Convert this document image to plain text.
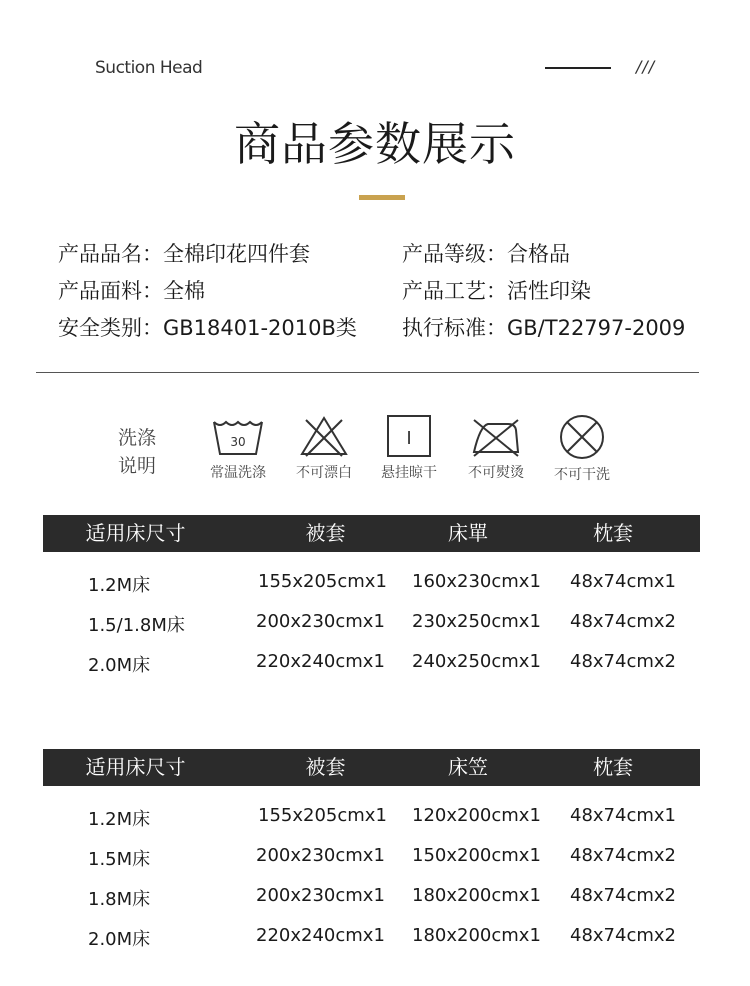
Suction Head	///
商品参数展示
产品品名：全棉印花四件套	产品等级：合格品
产品面料：全棉	产品工艺：活性印染
安全类别：GB18401-2010B类 执行标准：GB/T22797-2009
洗涤
说明
30
常温洗涤	不可漂白
I
悬挂晾干	不可熨烫	不可干洗
适用床尺寸	被套	床單	枕套
1.2M床	155x205cmx1 160x230cmx1 48x74cmx1
1.5/1.8M床	200x230cmx1 230x250cmx1 48x74cmx2
2.0M床	220x240cmx1 240x250cmx1 48x74cmx2
适用床尺寸	被套	床笠	枕套
1.2M床	155x205cmx1 120x200cmx1 48x74cmx1
1.5M床	200x230cmx1 150x200cmx1 48x74cmx2
1.8M床	200x230cmx1 180x200cmx1 48x74cmx2
2.0M床	220x240cmx1 180x200cmx1 48x74cmx2
